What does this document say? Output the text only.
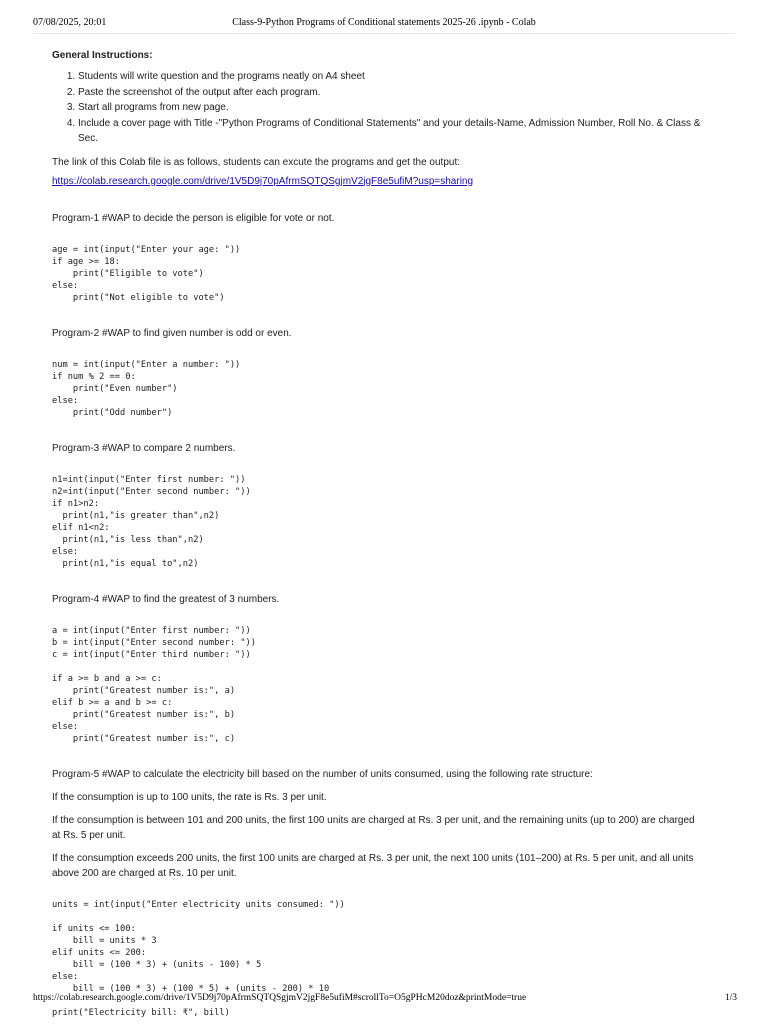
07/08/2025, 20:01	Class-9-Python Programs of Conditional statements 2025-26 .ipynb - Colab

General Instructions:

1. Students will write question and the programs neatly on A4 sheet
2. Paste the screenshot of the output after each program.
3. Start all programs from new page.
4. Include a cover page with Title -"Python Programs of Conditional Statements" and your details-Name, Admission Number, Roll No. & Class & Sec.

The link of this Colab file is as follows, students can excute the programs and get the output:

https://colab.research.google.com/drive/1V5D9j70pAfrmSQTQSgjmV2jgF8e5ufiM?usp=sharing

Program-1 #WAP to decide the person is eligible for vote or not.

age = int(input("Enter your age: "))
if age >= 18:
print("Eligible to vote")
else:
print("Not eligible to vote")

Program-2 #WAP to find given number is odd or even.

num = int(input("Enter a number: "))
if num % 2 == 0:
print("Even number")
else:
print("Odd number")

Program-3 #WAP to compare 2 numbers.

n1=int(input("Enter first number: "))
n2=int(input("Enter second number: "))
if n1>n2:
print(n1,"is greater than",n2)
elif n1<n2:
print(n1,"is less than",n2)
else:
print(n1,"is equal to",n2)

Program-4 #WAP to find the greatest of 3 numbers.

a = int(input("Enter first number: "))
b = int(input("Enter second number: "))
c = int(input("Enter third number: "))

if a >= b and a >= c:
print("Greatest number is:", a)
elif b >= a and b >= c:
print("Greatest number is:", b)
else:
print("Greatest number is:", c)

Program-5 #WAP to calculate the electricity bill based on the number of units consumed, using the following rate structure:

If the consumption is up to 100 units, the rate is Rs. 3 per unit.

If the consumption is between 101 and 200 units, the first 100 units are charged at Rs. 3 per unit, and the remaining units (up to 200) are charged at Rs. 5 per unit.

If the consumption exceeds 200 units, the first 100 units are charged at Rs. 3 per unit, the next 100 units (101–200) at Rs. 5 per unit, and all units above 200 are charged at Rs. 10 per unit.

units = int(input("Enter electricity units consumed: "))

if units <= 100:
bill = units * 3
elif units <= 200:
bill = (100 * 3) + (units - 100) * 5
else:
bill = (100 * 3) + (100 * 5) + (units - 200) * 10

print("Electricity bill: ₹", bill)
https://colab.research.google.com/drive/1V5D9j70pAfrmSQTQSgjmV2jgF8e5ufiM#scrollTo=O5gPHcM20doz&printMode=true	1/3
